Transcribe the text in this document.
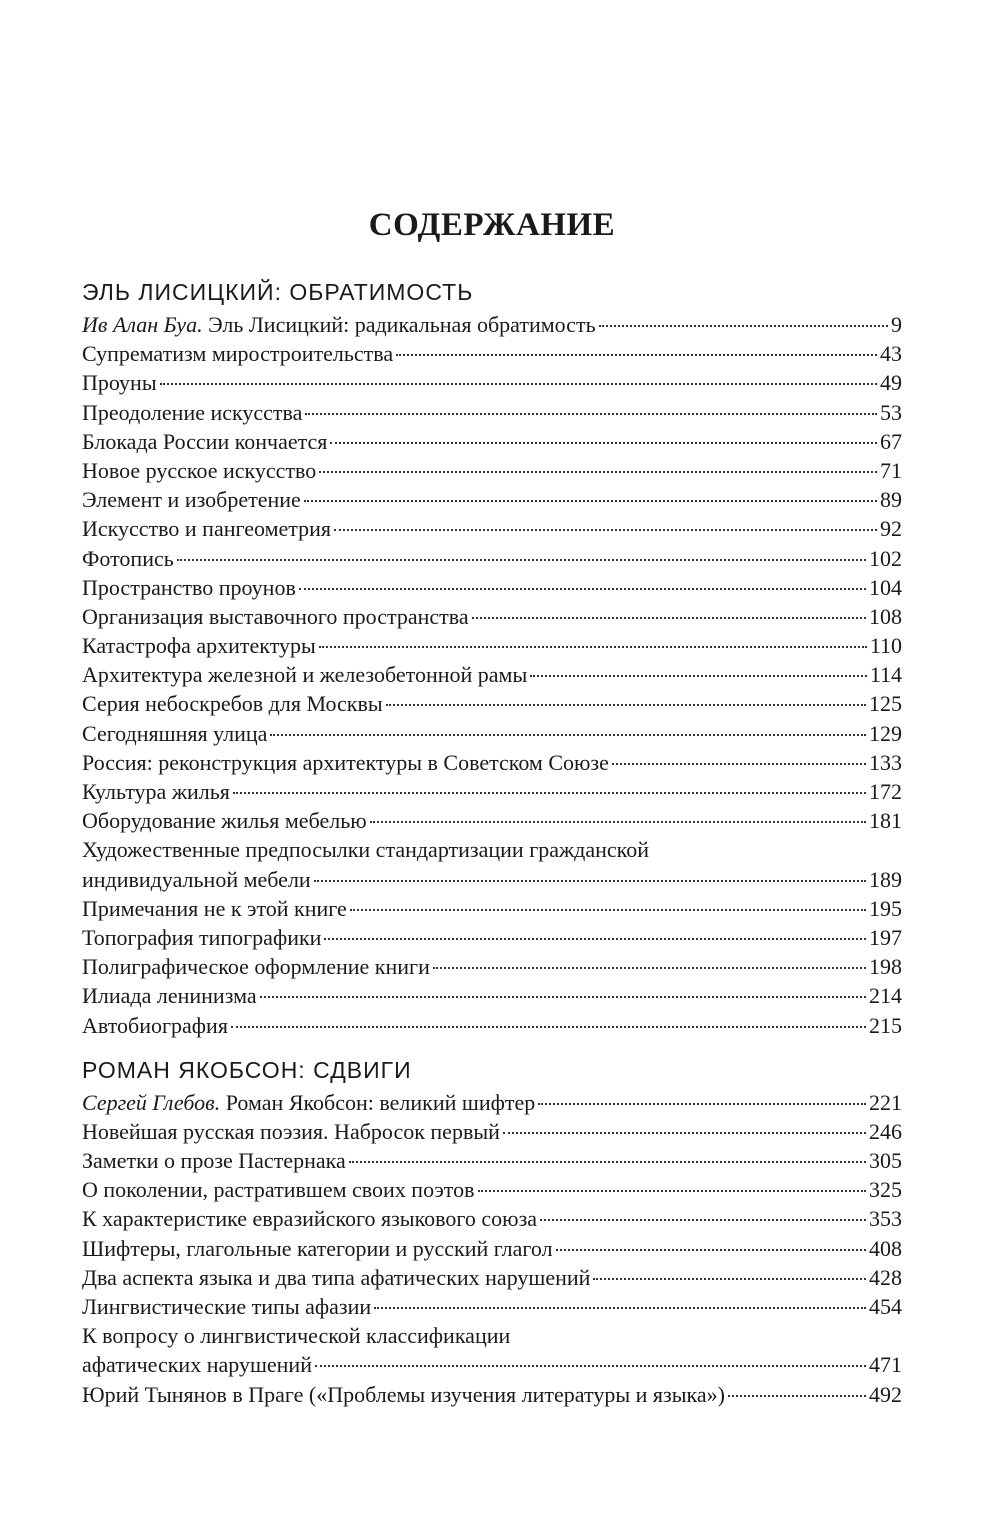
СОДЕРЖАНИЕ
ЭЛЬ ЛИСИЦКИЙ: ОБРАТИМОСТЬ
Ив Алан Буа. Эль Лисицкий: радикальная обратимость	9
Супрематизм миростроительства	43
Проуны	49
Преодоление искусства	53
Блокада России кончается	67
Новое русское искусство	71
Элемент и изобретение	89
Искусство и пангеометрия	92
Фотопись	102
Пространство проунов	104
Организация выставочного пространства	108
Катастрофа архитектуры	110
Архитектура железной и железобетонной рамы	114
Серия небоскребов для Москвы	125
Сегодняшняя улица	129
Россия: реконструкция архитектуры в Советском Союзе	133
Культура жилья	172
Оборудование жилья мебелью	181
Художественные предпосылки стандартизации гражданской
индивидуальной мебели	189
Примечания не к этой книге	195
Топография типографики	197
Полиграфическое оформление книги	198
Илиада ленинизма	214
Автобиография	215
РОМАН ЯКОБСОН: СДВИГИ
Сергей Глебов. Роман Якобсон: великий шифтер	221
Новейшая русская поэзия. Набросок первый	246
Заметки о прозе Пастернака	305
О поколении, растратившем своих поэтов	325
К характеристике евразийского языкового союза	353
Шифтеры, глагольные категории и русский глагол	408
Два аспекта языка и два типа афатических нарушений	428
Лингвистические типы афазии	454
К вопросу о лингвистической классификации
афатических нарушений	471
Юрий Тынянов в Праге («Проблемы изучения литературы и языка»)	492
